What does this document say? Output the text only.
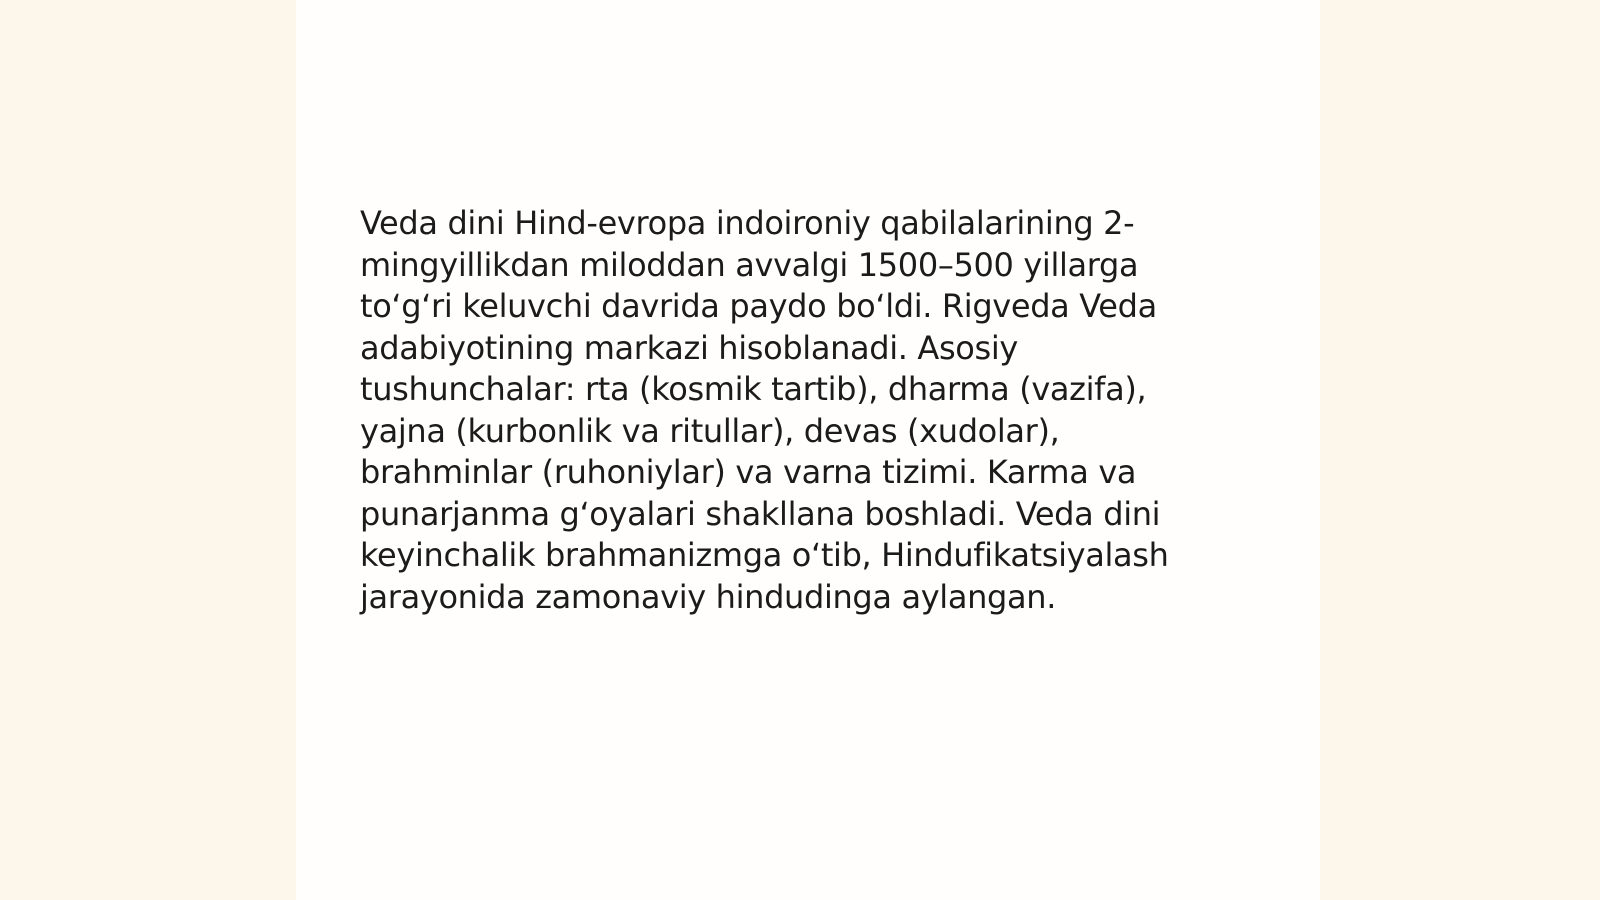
Veda dini Hind-evropa indoironiy qabilalarining 2-
mingyillikdan miloddan avvalgi 1500–500 yillarga
to‘g‘ri keluvchi davrida paydo bo‘ldi. Rigveda Veda
adabiyotining markazi hisoblanadi. Asosiy
tushunchalar: rta (kosmik tartib), dharma (vazifa),
yajna (kurbonlik va ritullar), devas (xudolar),
brahminlar (ruhoniylar) va varna tizimi. Karma va
punarjanma g‘oyalari shakllana boshladi. Veda dini
keyinchalik brahmanizmga o‘tib, Hindufikatsiyalash
jarayonida zamonaviy hindudinga aylangan.
